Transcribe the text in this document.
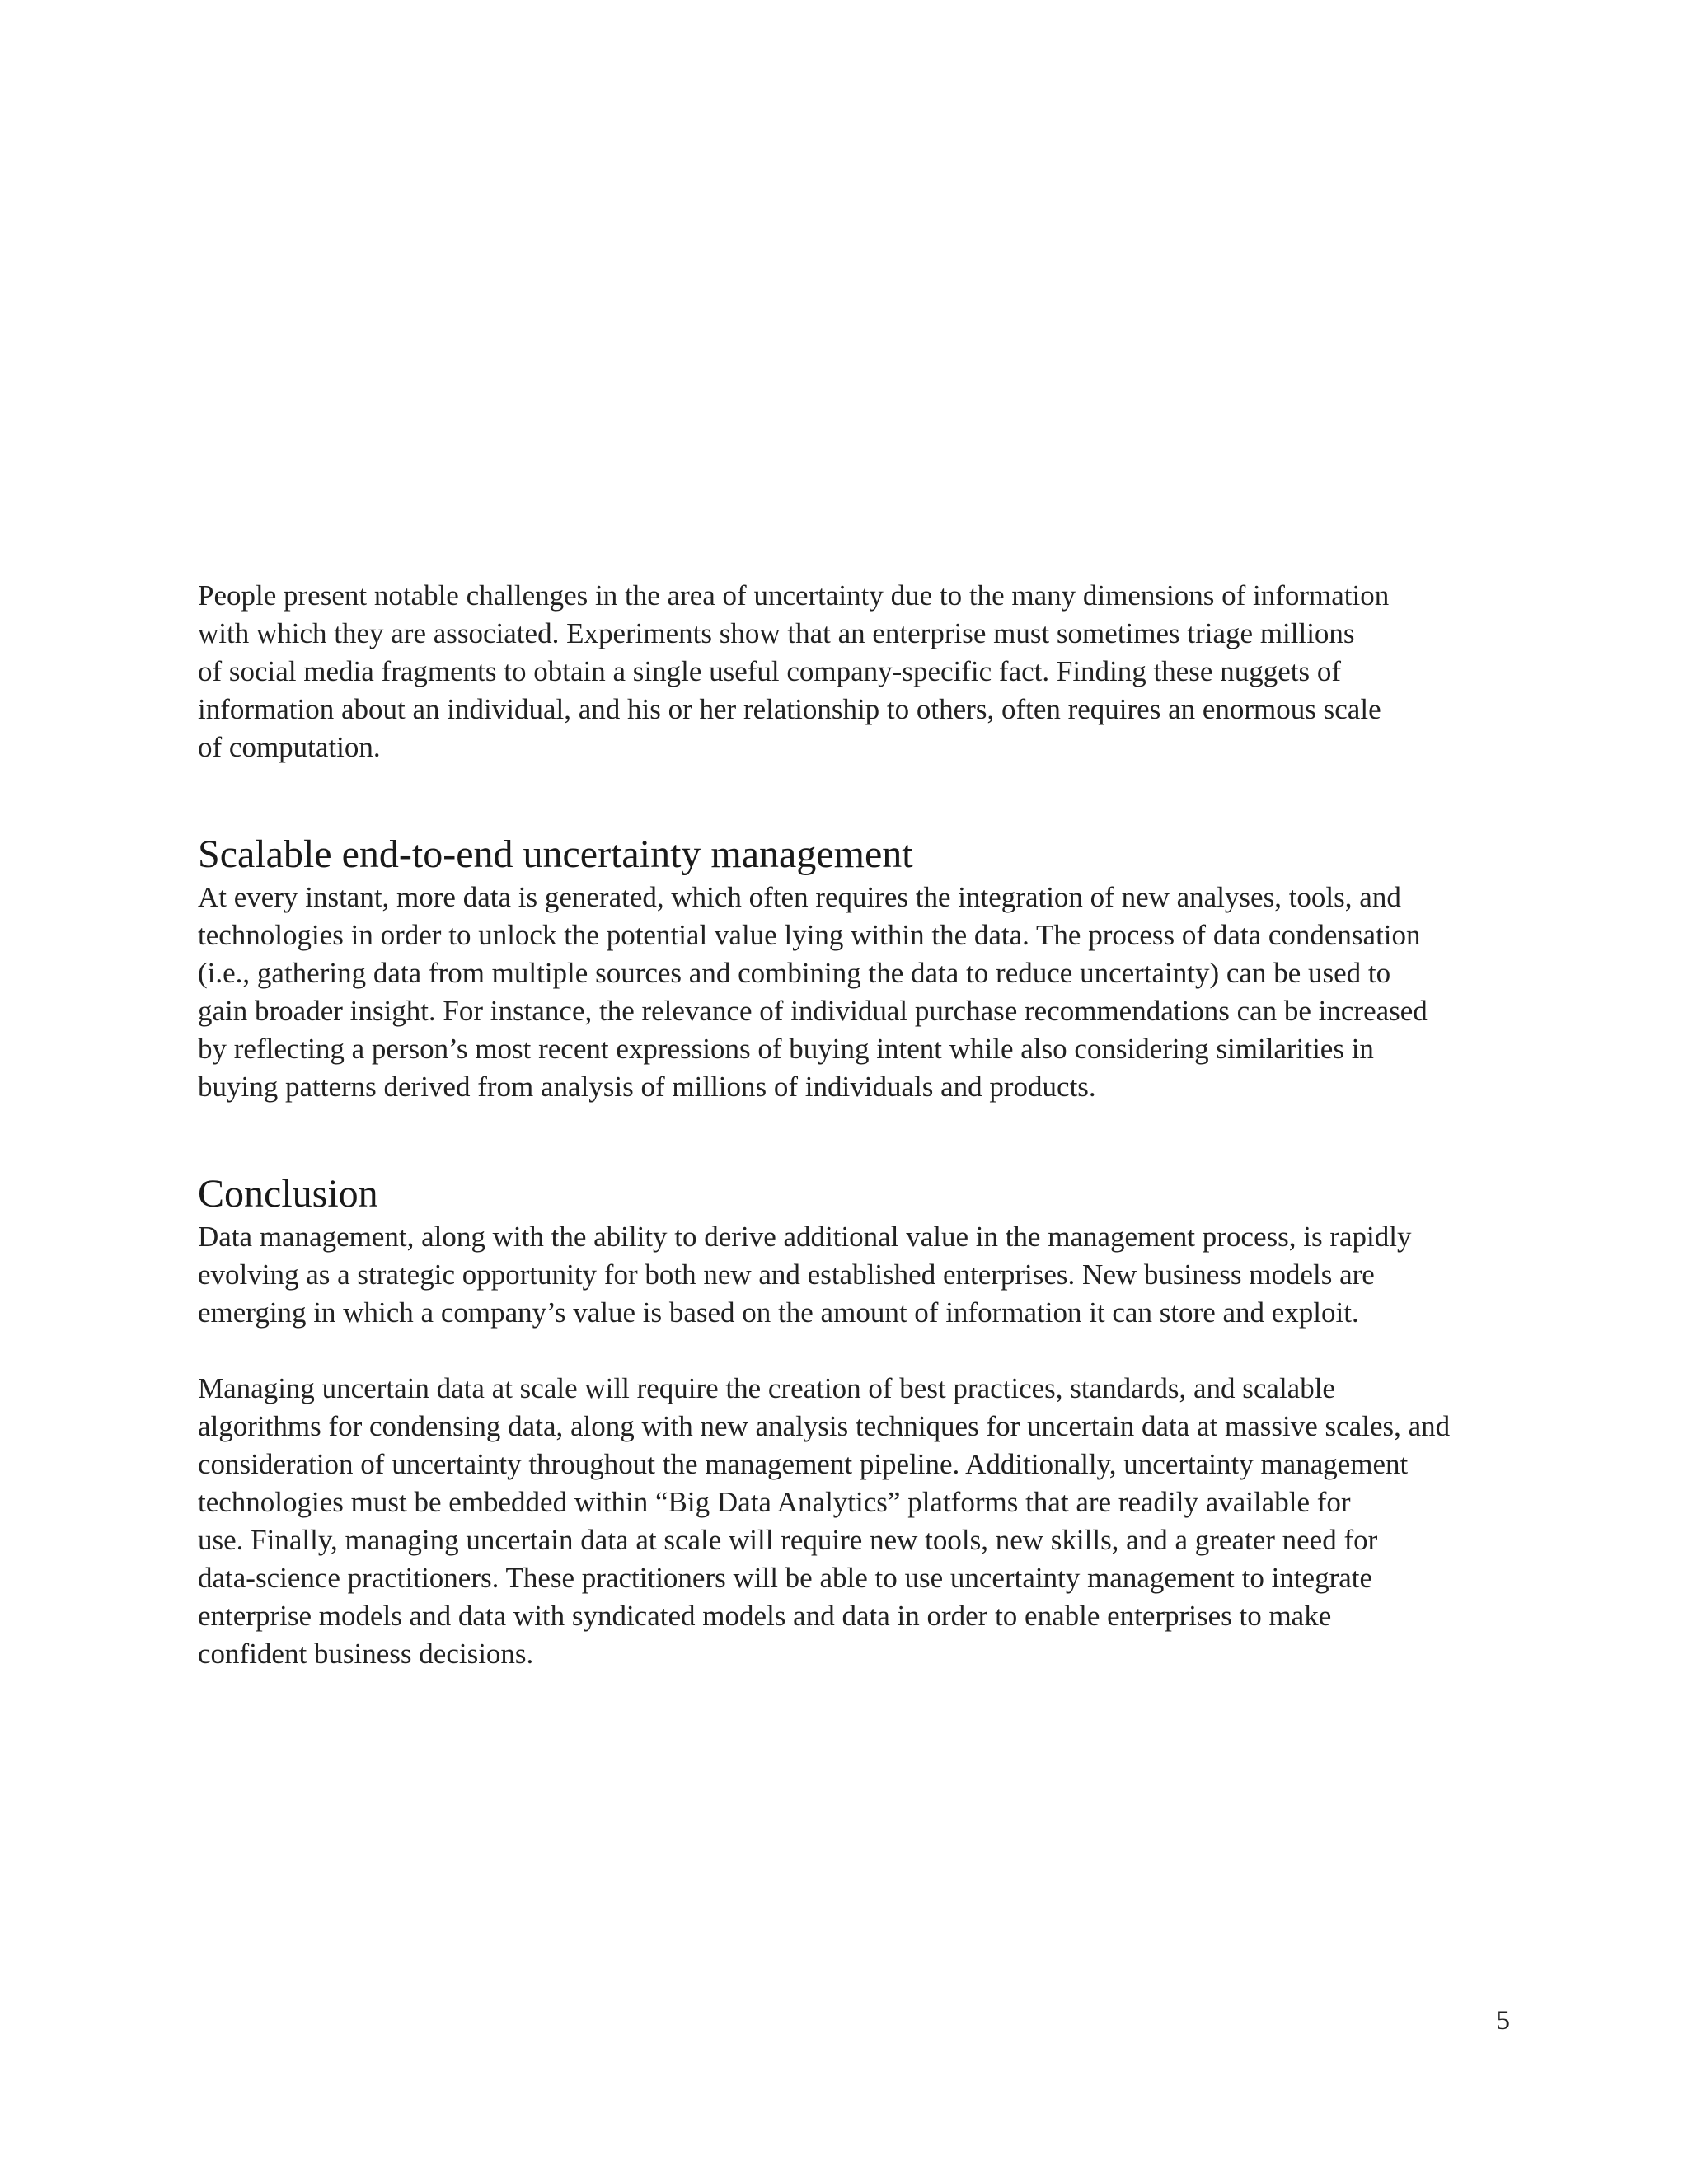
People present notable challenges in the area of uncertainty due to the many dimensions of information
with which they are associated. Experiments show that an enterprise must sometimes triage millions
of social media fragments to obtain a single useful company-specific fact. Finding these nuggets of
information about an individual, and his or her relationship to others, often requires an enormous scale
of computation.

Scalable end-to-end uncertainty management

At every instant, more data is generated, which often requires the integration of new analyses, tools, and
technologies in order to unlock the potential value lying within the data. The process of data condensation
(i.e., gathering data from multiple sources and combining the data to reduce uncertainty) can be used to
gain broader insight. For instance, the relevance of individual purchase recommendations can be increased
by reflecting a person’s most recent expressions of buying intent while also considering similarities in
buying patterns derived from analysis of millions of individuals and products.

Conclusion

Data management, along with the ability to derive additional value in the management process, is rapidly
evolving as a strategic opportunity for both new and established enterprises. New business models are
emerging in which a company’s value is based on the amount of information it can store and exploit.

Managing uncertain data at scale will require the creation of best practices, standards, and scalable
algorithms for condensing data, along with new analysis techniques for uncertain data at massive scales, and
consideration of uncertainty throughout the management pipeline. Additionally, uncertainty management
technologies must be embedded within “Big Data Analytics” platforms that are readily available for
use. Finally, managing uncertain data at scale will require new tools, new skills, and a greater need for
data-science practitioners. These practitioners will be able to use uncertainty management to integrate
enterprise models and data with syndicated models and data in order to enable enterprises to make
confident business decisions.

5
